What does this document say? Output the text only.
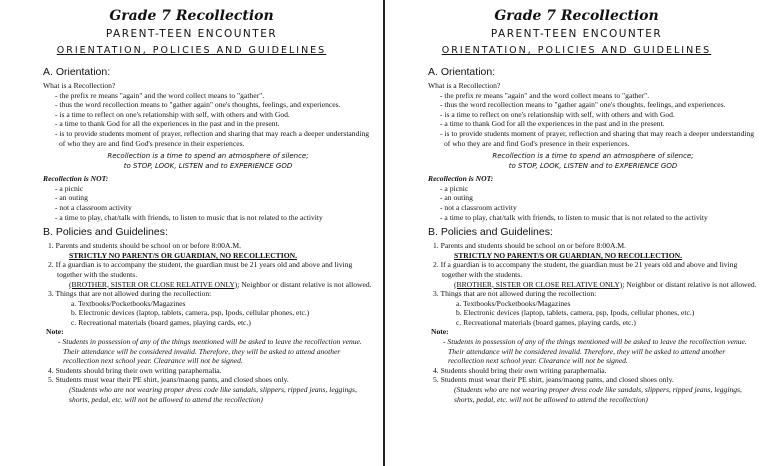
Grade 7 Recollection
PARENT-TEEN ENCOUNTER
ORIENTATION, POLICIES AND GUIDELINES
A. Orientation:
What is a Recollection?
- the prefix re means "again" and the word collect means to "gather".
- thus the word recollection means to "gather again" one's thoughts, feelings, and experiences.
- is a time to reflect on one's relationship with self, with others and with God.
- a time to thank God for all the experiences in the past and in the present.
- is to provide students moment of prayer, reflection and sharing that may reach a deeper understanding of who they are and find God's presence in their experiences.
Recollection is a time to spend an atmosphere of silence;
to STOP, LOOK, LISTEN and to EXPERIENCE GOD
Recollection is NOT:
- a picnic
- an outing
- not a classroom activity
- a time to play, chat/talk with friends, to listen to music that is not related to the activity
B. Policies and Guidelines:
1. Parents and students should be school on or before 8:00A.M.
STRICTLY NO PARENT/S OR GUARDIAN, NO RECOLLECTION.
2. If a guardian is to accompany the student, the guardian must be 21 years old and above and living together with the students.
(BROTHER, SISTER OR CLOSE RELATIVE ONLY); Neighbor or distant relative is not allowed.
3. Things that are not allowed during the recollection:
a. Textbooks/Pocketbooks/Magazines
b. Electronic devices (laptop, tablets, camera, psp, Ipods, cellular phones, etc.)
c. Recreational materials (board games, playing cards, etc.)
Note:
- Students in possession of any of the things mentioned will be asked to leave the recollection venue. Their attendance will be considered invalid. Therefore, they will be asked to attend another recollection next school year. Clearance will not be signed.
4. Students should bring their own writing paraphernalia.
5. Students must wear their PE shirt, jeans/maong pants, and closed shoes only.
(Students who are not wearing proper dress code like sandals, slippers, ripped jeans, leggings, shorts, pedal, etc. will not be allowed to attend the recollection)
Grade 7 Recollection
PARENT-TEEN ENCOUNTER
ORIENTATION, POLICIES AND GUIDELINES
A. Orientation:
What is a Recollection?
- the prefix re means "again" and the word collect means to "gather".
- thus the word recollection means to "gather again" one's thoughts, feelings, and experiences.
- is a time to reflect on one's relationship with self, with others and with God.
- a time to thank God for all the experiences in the past and in the present.
- is to provide students moment of prayer, reflection and sharing that may reach a deeper understanding of who they are and find God's presence in their experiences.
Recollection is a time to spend an atmosphere of silence;
to STOP, LOOK, LISTEN and to EXPERIENCE GOD
Recollection is NOT:
- a picnic
- an outing
- not a classroom activity
- a time to play, chat/talk with friends, to listen to music that is not related to the activity
B. Policies and Guidelines:
1. Parents and students should be school on or before 8:00A.M.
STRICTLY NO PARENT/S OR GUARDIAN, NO RECOLLECTION.
2. If a guardian is to accompany the student, the guardian must be 21 years old and above and living together with the students.
(BROTHER, SISTER OR CLOSE RELATIVE ONLY); Neighbor or distant relative is not allowed.
3. Things that are not allowed during the recollection:
a. Textbooks/Pocketbooks/Magazines
b. Electronic devices (laptop, tablets, camera, psp, Ipods, cellular phones, etc.)
c. Recreational materials (board games, playing cards, etc.)
Note:
- Students in possession of any of the things mentioned will be asked to leave the recollection venue. Their attendance will be considered invalid. Therefore, they will be asked to attend another recollection next school year. Clearance will not be signed.
4. Students should bring their own writing paraphernalia.
5. Students must wear their PE shirt, jeans/maong pants, and closed shoes only.
(Students who are not wearing proper dress code like sandals, slippers, ripped jeans, leggings, shorts, pedal, etc. will not be allowed to attend the recollection)
